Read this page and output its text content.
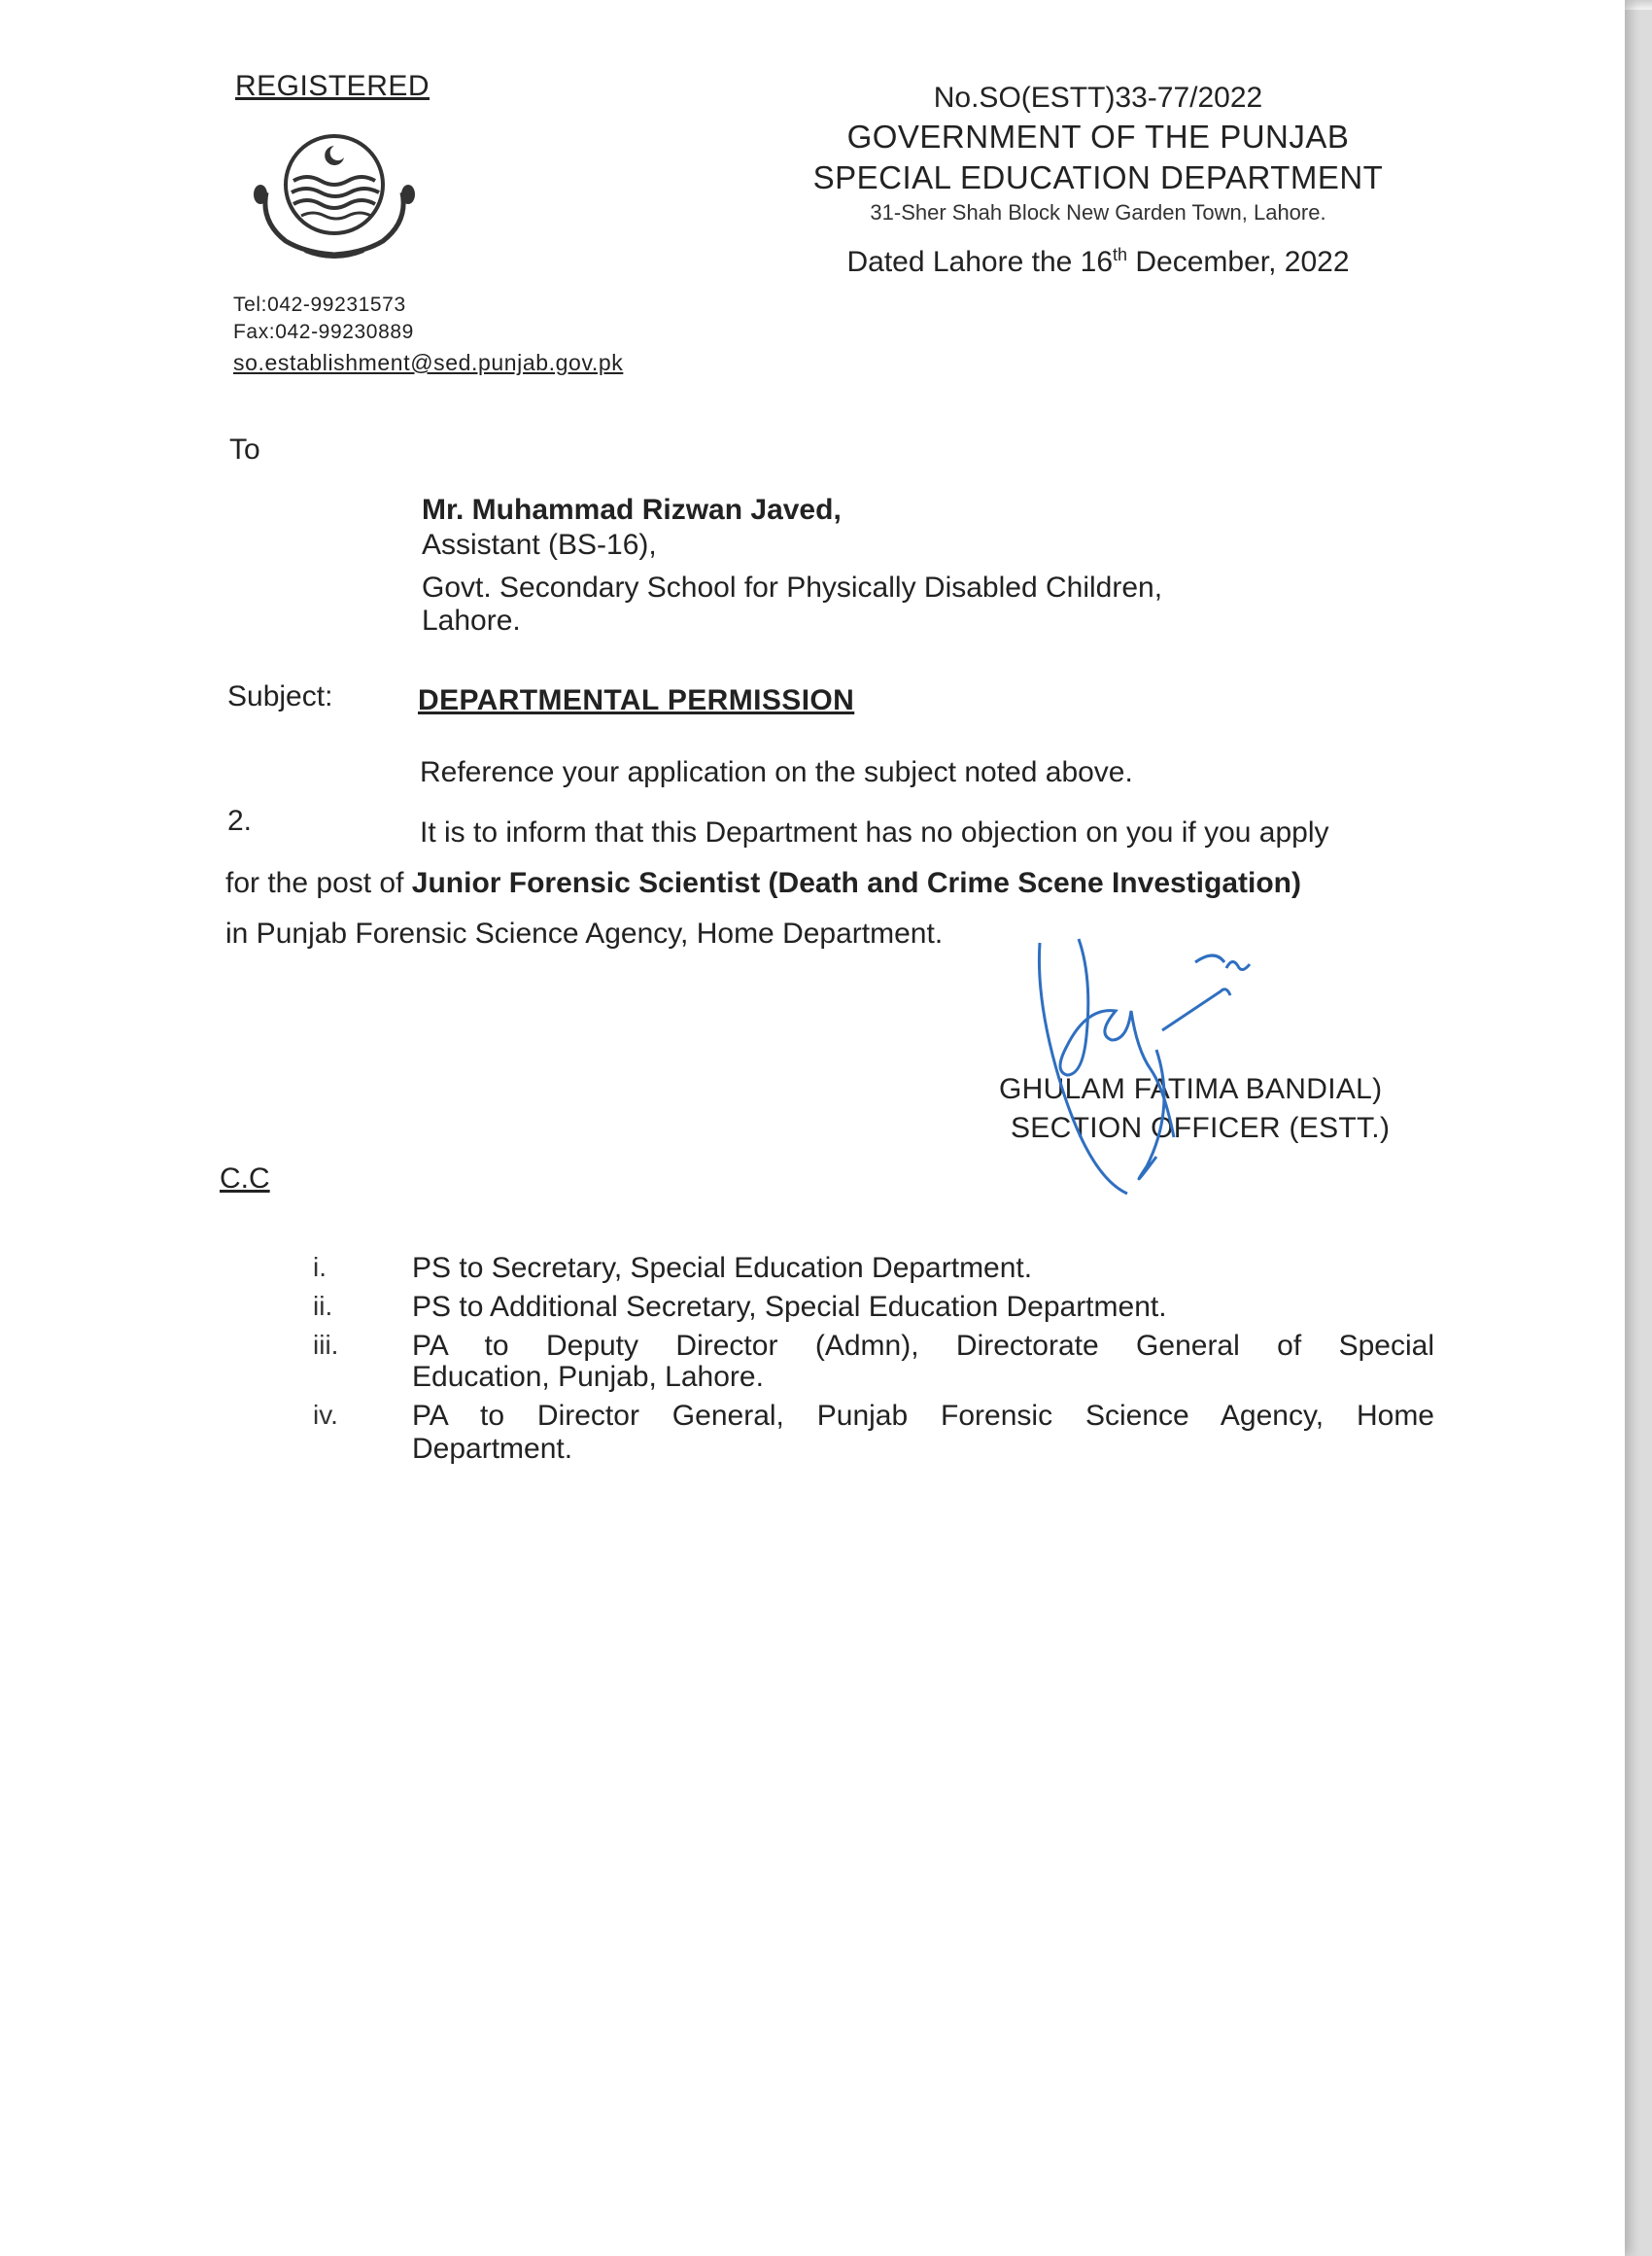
REGISTERED
Tel:042-99231573
Fax:042-99230889
so.establishment@sed.punjab.gov.pk
No.SO(ESTT)33-77/2022
GOVERNMENT OF THE PUNJAB
SPECIAL EDUCATION DEPARTMENT
31-Sher Shah Block New Garden Town, Lahore.
Dated Lahore the 16th December, 2022
To
Mr. Muhammad Rizwan Javed,
Assistant (BS-16),
Govt. Secondary School for Physically Disabled Children,
Lahore.
Subject:	DEPARTMENTAL PERMISSION
Reference your application on the subject noted above.
2.	It is to inform that this Department has no objection on you if you apply
for the post of Junior Forensic Scientist (Death and Crime Scene Investigation)
in Punjab Forensic Science Agency, Home Department.
GHULAM FATIMA BANDIAL)
SECTION OFFICER (ESTT.)
C.C
i.	PS to Secretary, Special Education Department.
ii.	PS to Additional Secretary, Special Education Department.
iii.	PA to Deputy Director (Admn), Directorate General of Special
Education, Punjab, Lahore.
iv.	PA to Director General, Punjab Forensic Science Agency, Home
Department.
